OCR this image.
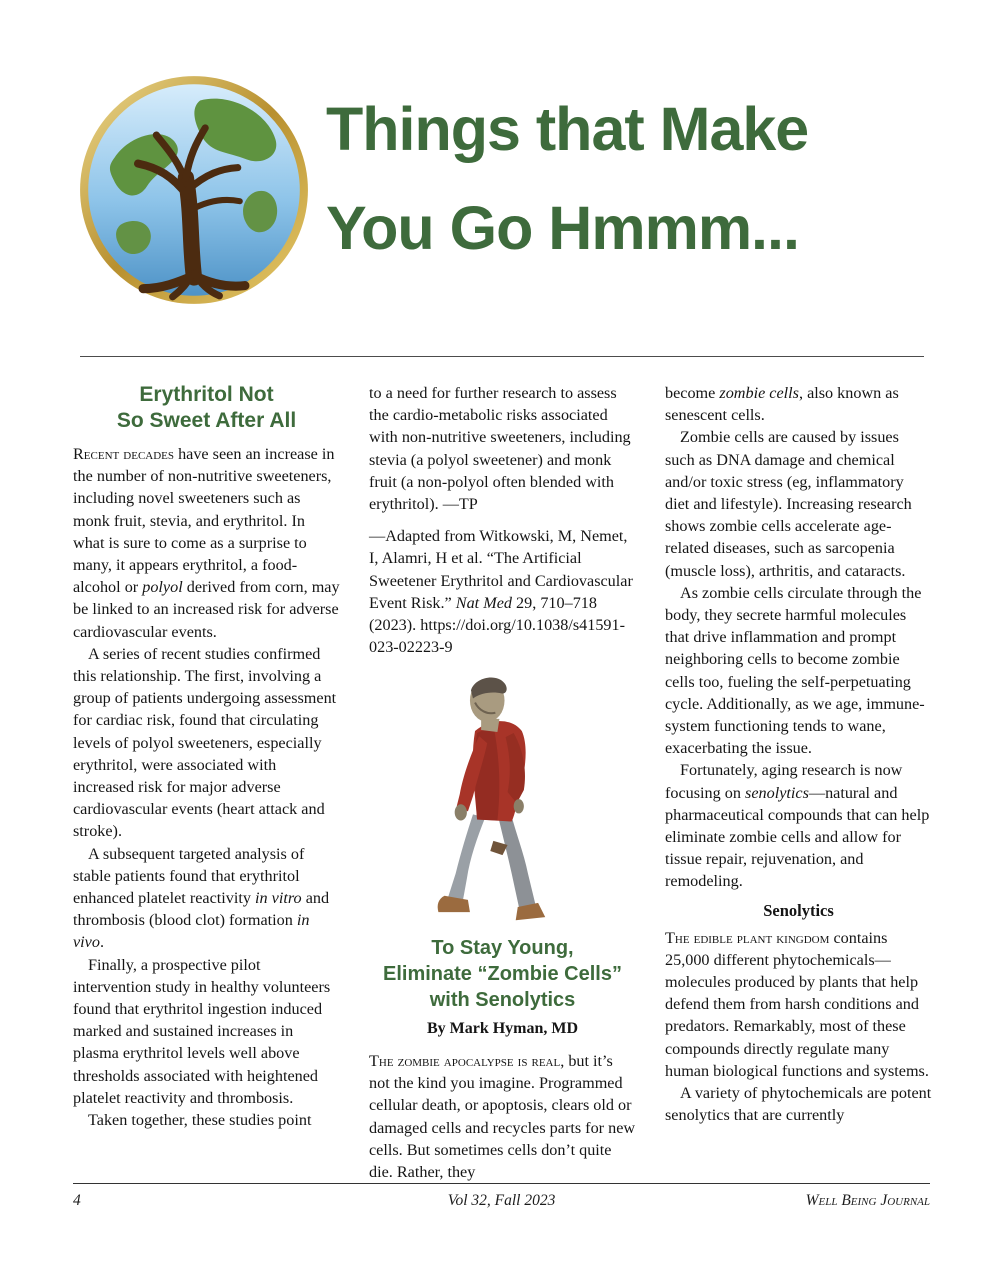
Things that Make
You Go Hmmm...
Erythritol Not
So Sweet After All

Recent decades have seen an increase in the number of non-nutritive sweeteners, including novel sweeteners such as monk fruit, stevia, and erythritol. In what is sure to come as a surprise to many, it appears erythritol, a food-alcohol or polyol derived from corn, may be linked to an increased risk for adverse cardiovascular events.

A series of recent studies confirmed this relationship. The first, involving a group of patients undergoing assessment for cardiac risk, found that circulating levels of polyol sweeteners, especially erythritol, were associated with increased risk for major adverse cardiovascular events (heart attack and stroke).

A subsequent targeted analysis of stable patients found that erythritol enhanced platelet reactivity in vitro and thrombosis (blood clot) formation in vivo.

Finally, a prospective pilot intervention study in healthy volunteers found that erythritol ingestion induced marked and sustained increases in plasma erythritol levels well above thresholds associated with heightened platelet reactivity and thrombosis.

Taken together, these studies point

to a need for further research to assess the cardio-metabolic risks associated with non-nutritive sweeteners, including stevia (a polyol sweetener) and monk fruit (a non-polyol often blended with erythritol). —TP

—Adapted from Witkowski, M, Nemet, I, Alamri, H et al. “The Artificial Sweetener Erythritol and Cardiovascular Event Risk.” Nat Med 29, 710–718 (2023). https://doi.org/10.1038/s41591-023-02223-9

To Stay Young,
Eliminate “Zombie Cells”
with Senolytics
By Mark Hyman, MD

The zombie apocalypse is real, but it’s not the kind you imagine. Programmed cellular death, or apoptosis, clears old or damaged cells and recycles parts for new cells. But sometimes cells don’t quite die. Rather, they

become zombie cells, also known as senescent cells.

Zombie cells are caused by issues such as DNA damage and chemical and/or toxic stress (eg, inflammatory diet and lifestyle). Increasing research shows zombie cells accelerate age-related diseases, such as sarcopenia (muscle loss), arthritis, and cataracts.

As zombie cells circulate through the body, they secrete harmful molecules that drive inflammation and prompt neighboring cells to become zombie cells too, fueling the self-perpetuating cycle. Additionally, as we age, immune-system functioning tends to wane, exacerbating the issue.

Fortunately, aging research is now focusing on senolytics—natural and pharmaceutical compounds that can help eliminate zombie cells and allow for tissue repair, rejuvenation, and remodeling.

Senolytics

The edible plant kingdom contains 25,000 different phytochemicals—molecules produced by plants that help defend them from harsh conditions and predators. Remarkably, most of these compounds directly regulate many human biological functions and systems.

A variety of phytochemicals are potent senolytics that are currently

4	Vol 32, Fall 2023	Well Being Journal
